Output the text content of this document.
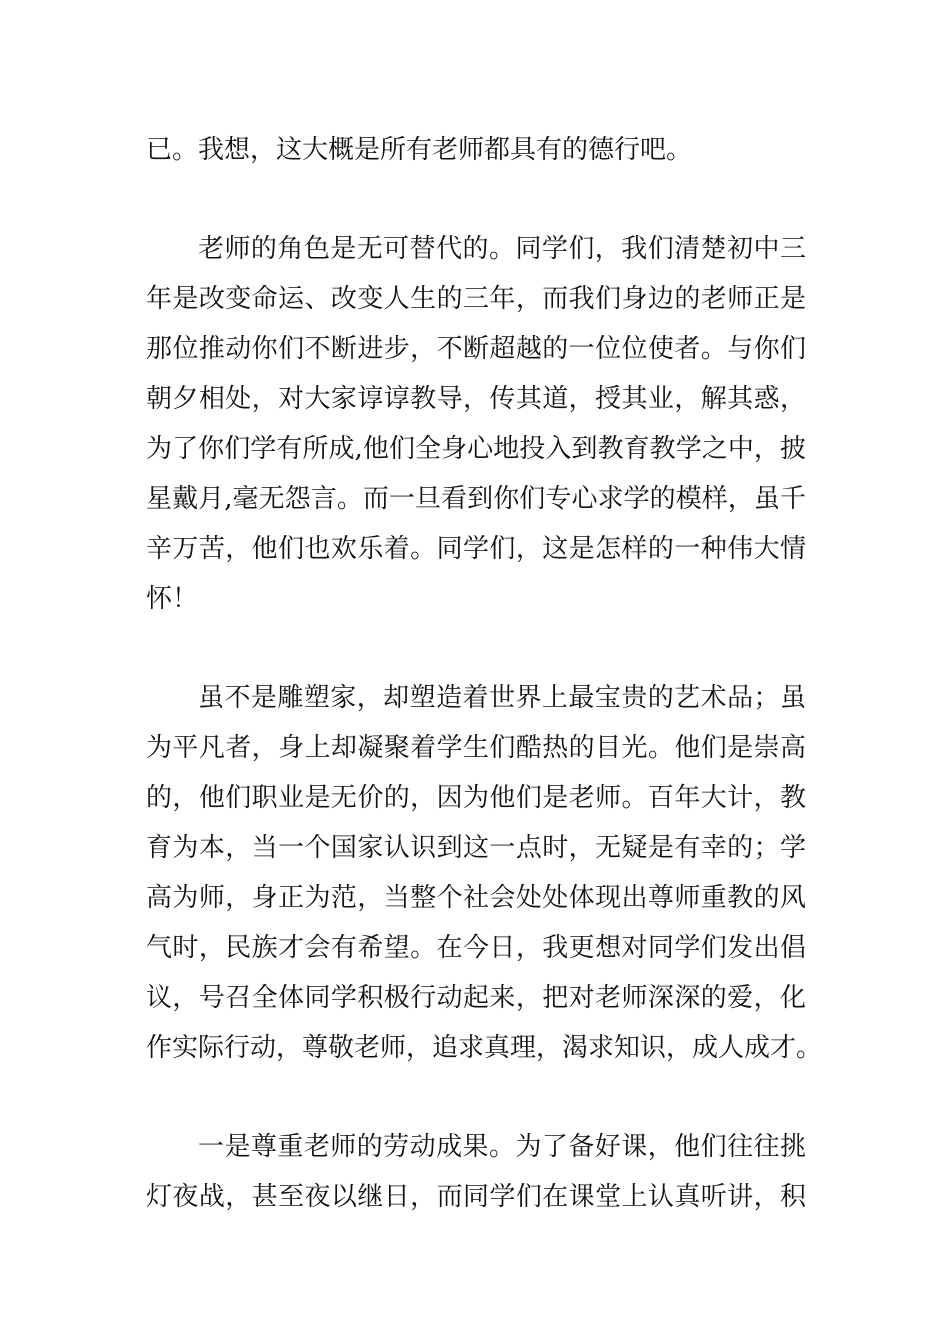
已。我想，这大概是所有老师都具有的德行吧。

老师的角色是无可替代的。同学们，我们清楚初中三

年是改变命运、改变人生的三年，而我们身边的老师正是

那位推动你们不断进步，不断超越的一位位使者。与你们

朝夕相处，对大家谆谆教导，传其道，授其业，解其惑，

为了你们学有所成,他们全身心地投入到教育教学之中，披

星戴月,毫无怨言。而一旦看到你们专心求学的模样，虽千

辛万苦，他们也欢乐着。同学们，这是怎样的一种伟大情

怀！

虽不是雕塑家，却塑造着世界上最宝贵的艺术品；虽

为平凡者，身上却凝聚着学生们酷热的目光。他们是崇高

的，他们职业是无价的，因为他们是老师。百年大计，教

育为本，当一个国家认识到这一点时，无疑是有幸的；学

高为师，身正为范，当整个社会处处体现出尊师重教的风

气时，民族才会有希望。在今日，我更想对同学们发出倡

议，号召全体同学积极行动起来，把对老师深深的爱，化

作实际行动，尊敬老师，追求真理，渴求知识，成人成才。

一是尊重老师的劳动成果。为了备好课，他们往往挑

灯夜战，甚至夜以继日，而同学们在课堂上认真听讲，积
